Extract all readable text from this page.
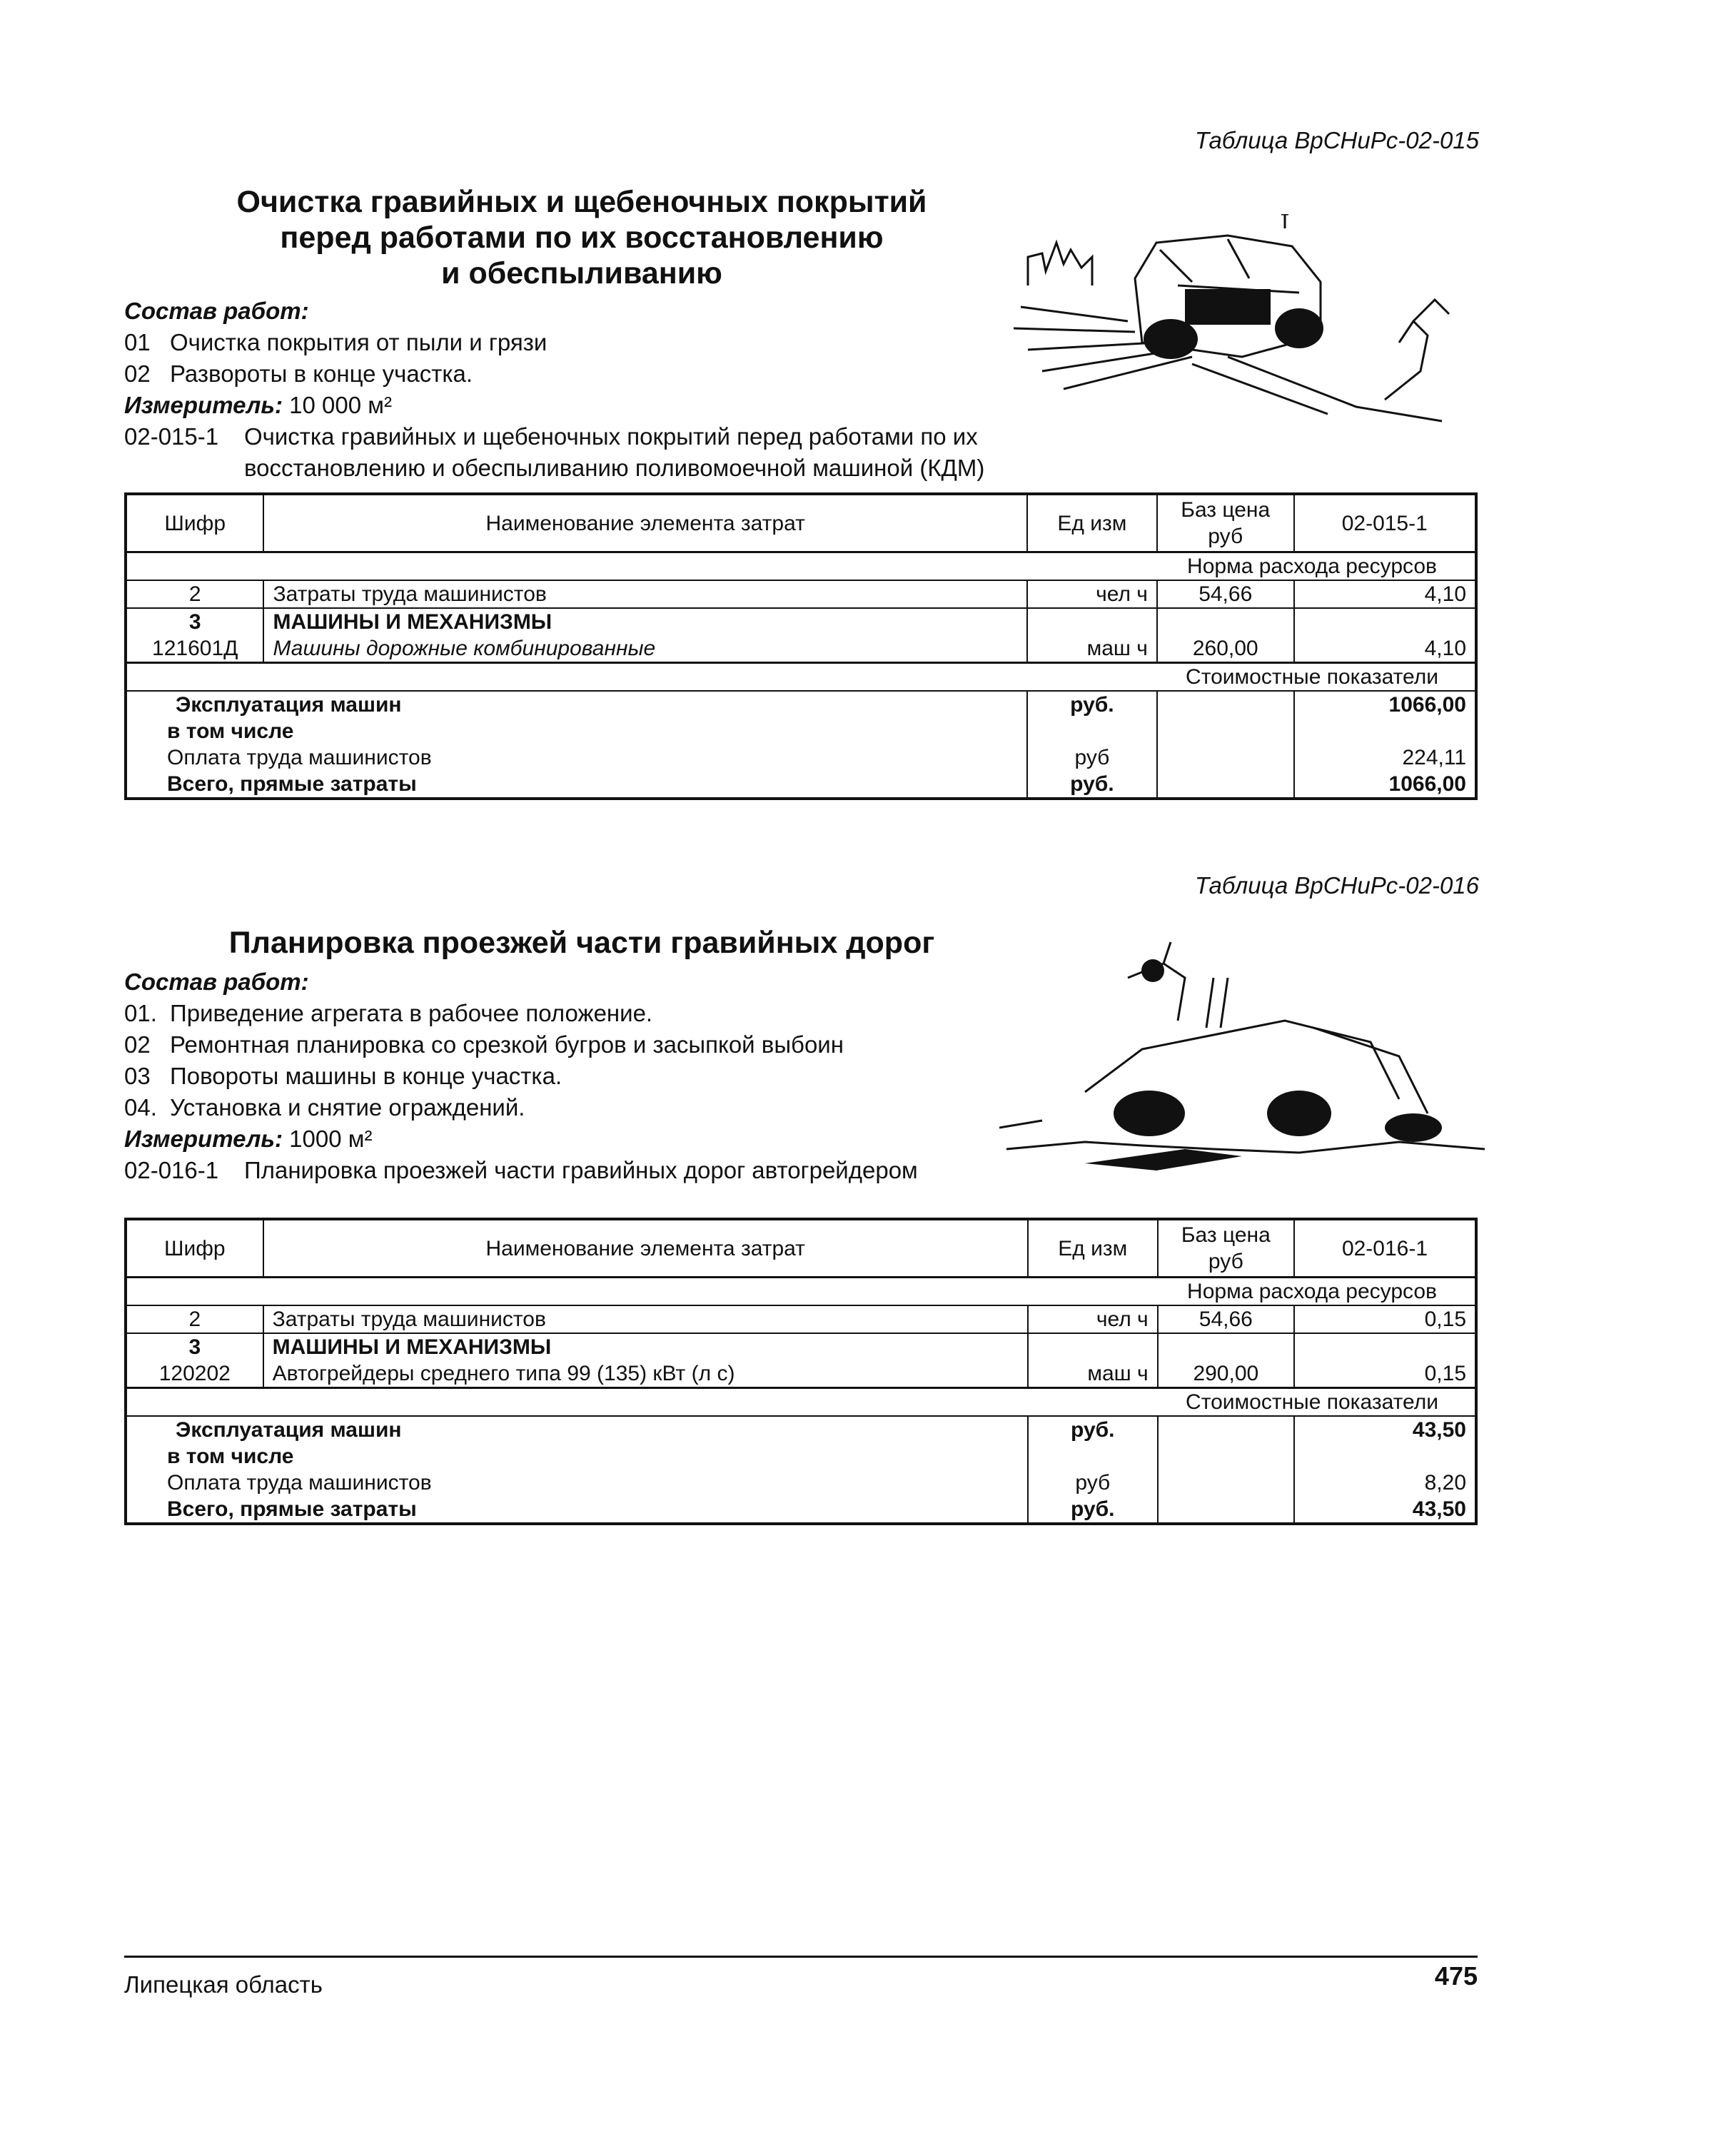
Таблица ВрСНиРс-02-015
Очистка гравийных и щебеночных покрытий
перед работами по их восстановлению
и обеспыливанию
Состав работ:
01 Очистка покрытия от пыли и грязи
02 Развороты в конце участка.
Измеритель: 10 000 м²
02-015-1 Очистка гравийных и щебеночных покрытий перед работами по их
восстановлению и обеспыливанию поливомоечной машиной (КДМ)
Шифр	Наименование элемента затрат	Ед изм	Баз цена руб	02-015-1
Норма расхода ресурсов				
2	Затраты труда машинистов	чел ч	54,66	4,10
3	МАШИНЫ И МЕХАНИЗМЫ			
121601Д	Машины дорожные комбинированные	маш ч	260,00	4,10
Стоимостные показатели				
Эксплуатация машин		руб.		1066,00
в том числе				
Оплата труда машинистов		руб		224,11
Всего, прямые затраты		руб.		1066,00
Таблица ВрСНиРс-02-016
Планировка проезжей части гравийных дорог
Состав работ:
01. Приведение агрегата в рабочее положение.
02 Ремонтная планировка со срезкой бугров и засыпкой выбоин
03 Повороты машины в конце участка.
04. Установка и снятие ограждений.
Измеритель: 1000 м²
02-016-1 Планировка проезжей части гравийных дорог автогрейдером
Шифр	Наименование элемента затрат	Ед изм	Баз цена руб	02-016-1
Норма расхода ресурсов				
2	Затраты труда машинистов	чел ч	54,66	0,15
3	МАШИНЫ И МЕХАНИЗМЫ			
120202	Автогрейдеры среднего типа 99 (135) кВт (л с)	маш ч	290,00	0,15
Стоимостные показатели				
Эксплуатация машин		руб.		43,50
в том числе				
Оплата труда машинистов		руб		8,20
Всего, прямые затраты		руб.		43,50
Липецкая область	475
